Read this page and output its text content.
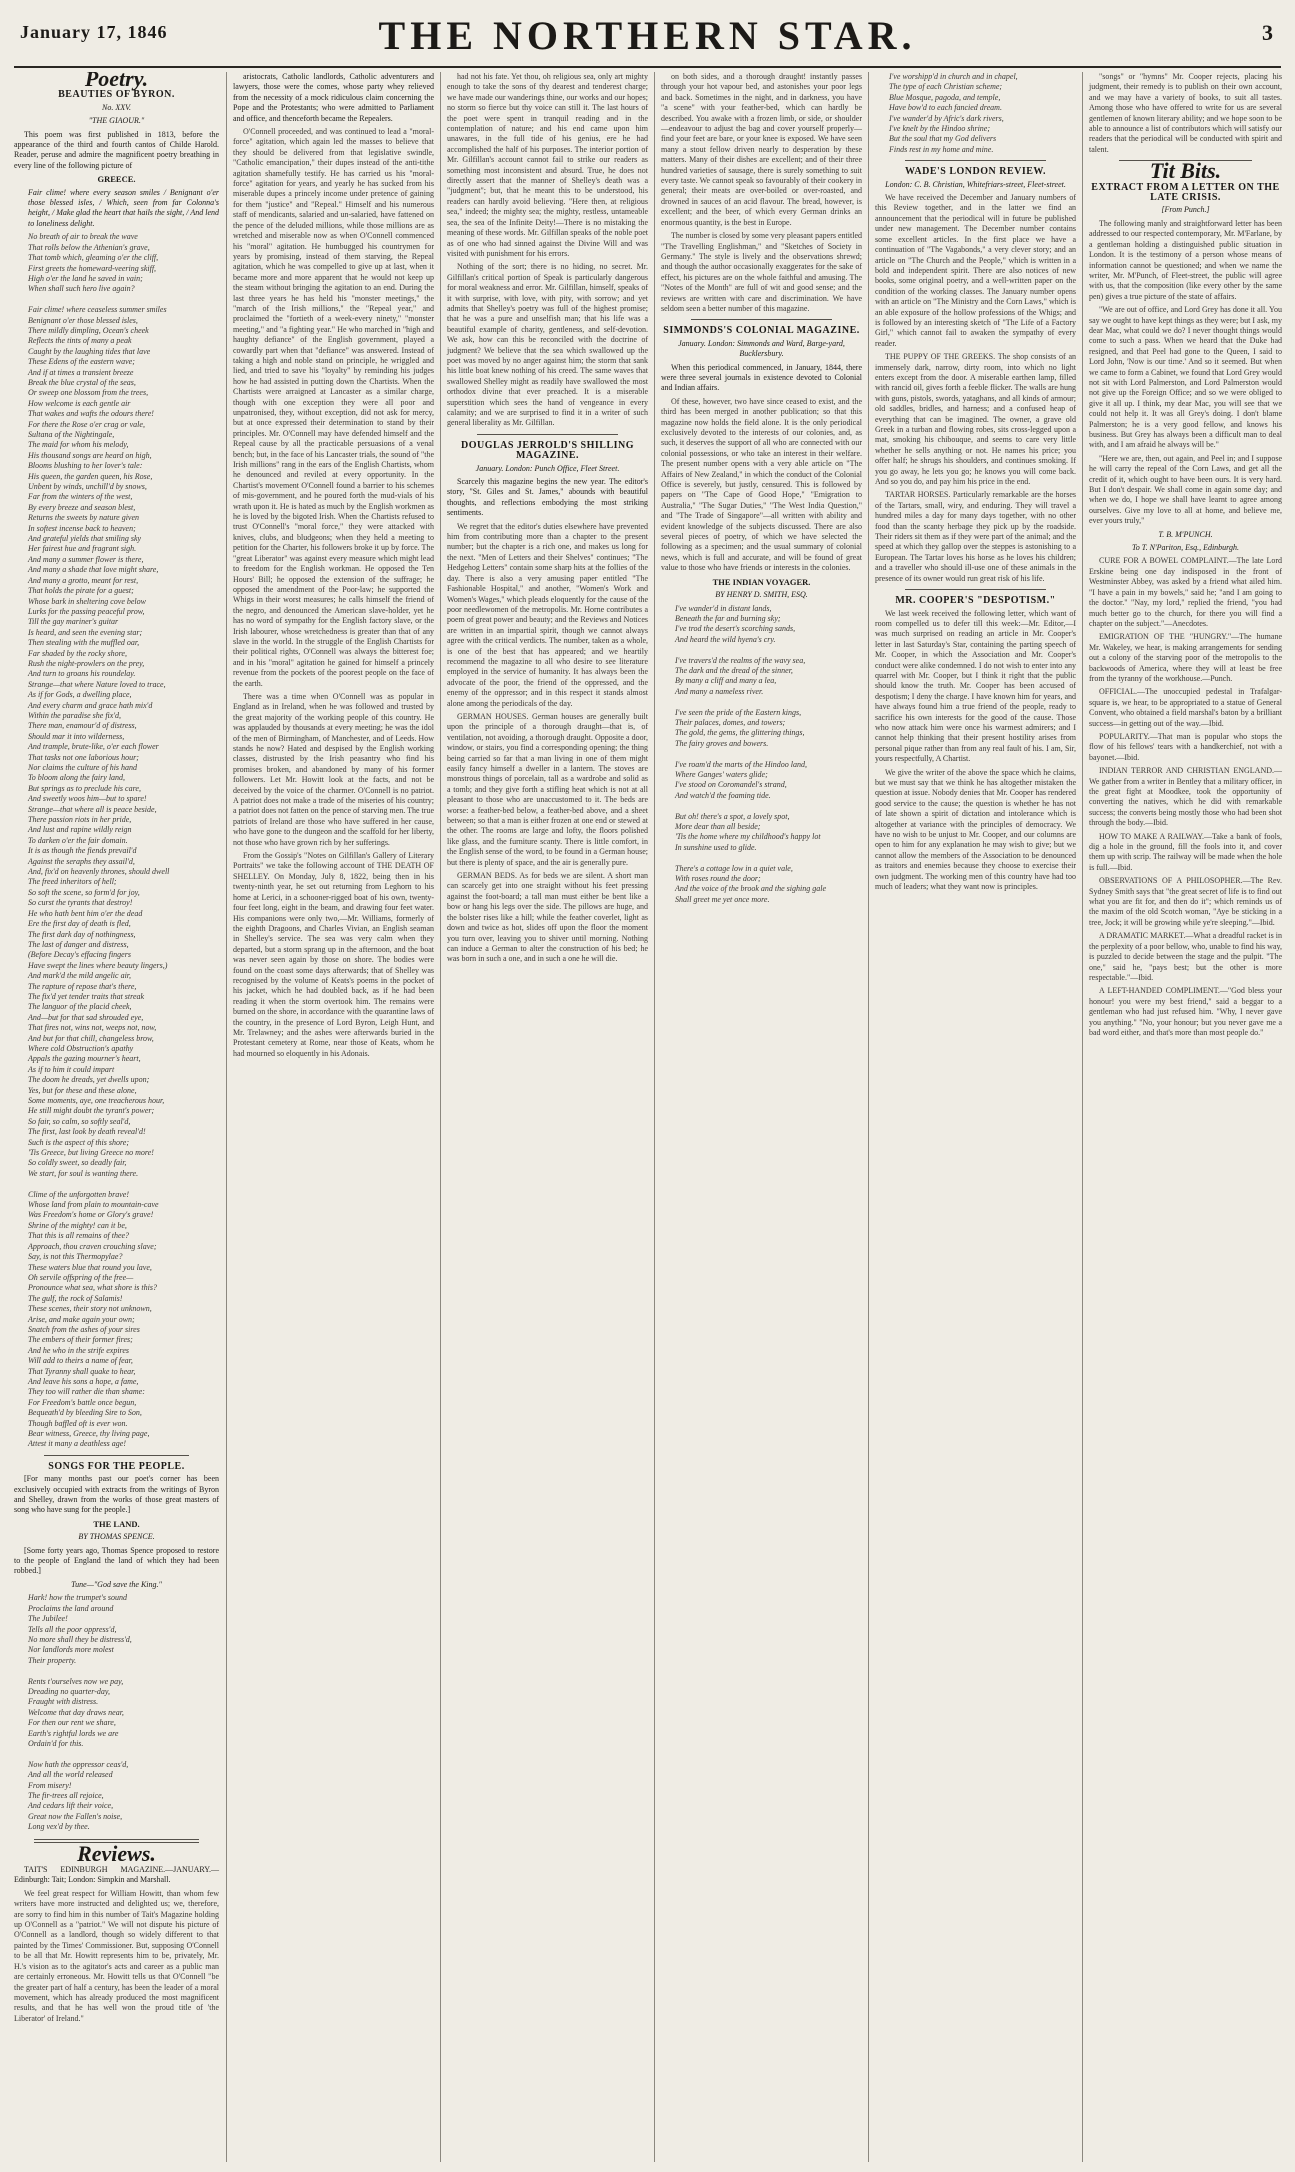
January 17, 1846	THE NORTHERN STAR.	3
Poetry.
BEAUTIES OF BYRON.
No. XXV.
"THE GIAOUR."

This poem was first published in 1813, before the appearance of the third and fourth cantos of Childe Harold. Reader, peruse and admire the magnificent poetry breathing in every line of the following picture of

GREECE.

Fair clime! where every season smiles / Benignant o'er those blessed isles, / Which, seen from far Colonna's height, / Make glad the heart that hails the sight, / And lend to loneliness delight.

No breath of air to break the wave
That rolls below the Athenian's grave,
That tomb which, gleaming o'er the cliff,
First greets the homeward-veering skiff,
High o'er the land he saved in vain;
When shall such hero live again?

Fair clime! where ceaseless summer smiles
Benignant o'er those blessed isles,
There mildly dimpling, Ocean's cheek
Reflects the tints of many a peak
Caught by the laughing tides that lave
These Edens of the eastern wave;
And if at times a transient breeze
Break the blue crystal of the seas,
Or sweep one blossom from the trees,
How welcome is each gentle air
That wakes and wafts the odours there!
For there the Rose o'er crag or vale,
Sultana of the Nightingale,
The maid for whom his melody,
His thousand songs are heard on high,
Blooms blushing to her lover's tale:
His queen, the garden queen, his Rose,
Unbent by winds, unchill'd by snows,
Far from the winters of the west,
By every breeze and season blest,
Returns the sweets by nature given
In softest incense back to heaven;
And grateful yields that smiling sky
Her fairest hue and fragrant sigh.
And many a summer flower is there,
And many a shade that love might share,
And many a grotto, meant for rest,
That holds the pirate for a guest;
Whose bark in sheltering cove below
Lurks for the passing peaceful prow,
Till the gay mariner's guitar
Is heard, and seen the evening star;
Then stealing with the muffled oar,
Far shaded by the rocky shore,
Rush the night-prowlers on the prey,
And turn to groans his roundelay.
Strange—that where Nature loved to trace,
As if for Gods, a dwelling place,
And every charm and grace hath mix'd
Within the paradise she fix'd,
There man, enamour'd of distress,
Should mar it into wilderness,
And trample, brute-like, o'er each flower
That tasks not one laborious hour;
Nor claims the culture of his hand
To bloom along the fairy land,
But springs as to preclude his care,
And sweetly woos him—but to spare!
Strange—that where all is peace beside,
There passion riots in her pride,
And lust and rapine wildly reign
To darken o'er the fair domain.
It is as though the fiends prevail'd
Against the seraphs they assail'd,
And, fix'd on heavenly thrones, should dwell
The freed inheritors of hell;
So soft the scene, so form'd for joy,
So curst the tyrants that destroy!
He who hath bent him o'er the dead
Ere the first day of death is fled,
The first dark day of nothingness,
The last of danger and distress,
(Before Decay's effacing fingers
Have swept the lines where beauty lingers,)
And mark'd the mild angelic air,
The rapture of repose that's there,
The fix'd yet tender traits that streak
The languor of the placid cheek,
And—but for that sad shrouded eye,
That fires not, wins not, weeps not, now,
And but for that chill, changeless brow,
Where cold Obstruction's apathy
Appals the gazing mourner's heart,
As if to him it could impart
The doom he dreads, yet dwells upon;
Yes, but for these and these alone,
Some moments, aye, one treacherous hour,
He still might doubt the tyrant's power;
So fair, so calm, so softly seal'd,
The first, last look by death reveal'd!
Such is the aspect of this shore;
'Tis Greece, but living Greece no more!
So coldly sweet, so deadly fair,
We start, for soul is wanting there.

Clime of the unforgotten brave!
Whose land from plain to mountain-cave
Was Freedom's home or Glory's grave!
Shrine of the mighty! can it be,
That this is all remains of thee?
Approach, thou craven crouching slave;
Say, is not this Thermopylae?
These waters blue that round you lave,
Oh servile offspring of the free—
Pronounce what sea, what shore is this?
The gulf, the rock of Salamis!
These scenes, their story not unknown,
Arise, and make again your own;
Snatch from the ashes of your sires
The embers of their former fires;
And he who in the strife expires
Will add to theirs a name of fear,
That Tyranny shall quake to hear,
And leave his sons a hope, a fame,
They too will rather die than shame:
For Freedom's battle once begun,
Bequeath'd by bleeding Sire to Son,
Though baffled oft is ever won.
Bear witness, Greece, thy living page,
Attest it many a deathless age!
SONGS FOR THE PEOPLE.

[For many months past our poet's corner has been exclusively occupied with extracts from the writings of Byron and Shelley, drawn from the works of those great masters of song who have sung for the people.]

THE LAND.
BY THOMAS SPENCE.

[Some forty years ago, Thomas Spence proposed to restore to the people of England the land of which they had been robbed.]

Tune—"God save the King."
Hark! how the trumpet's sound
Proclaims the land around
The Jubilee!
Tells all the poor oppress'd,
No more shall they be distress'd,
Nor landlords more molest
Their property.

Rents t'ourselves now we pay,
Dreading no quarter-day,
Fraught with distress.
Welcome that day draws near,
For then our rent we share,
Earth's rightful lords we are
Ordain'd for this.

Now hath the oppressor ceas'd,
And all the world released
From misery!
The fir-trees all rejoice,
And cedars lift their voice,
Great now the Fallen's noise,
Long vex'd by thee.
Reviews.

TAIT'S EDINBURGH MAGAZINE.—JANUARY.—Edinburgh: Tait; London: Simpkin and Marshall.

We feel great respect for William Howitt, than whom few writers have more instructed and delighted us; we, therefore, are sorry to find him in this number of Tait's Magazine holding up O'Connell as a "patriot." We will not dispute his picture of O'Connell as a landlord, though so widely different to that painted by the Times' Commissioner. But, supposing O'Connell to be all that Mr. Howitt represents him to be, privately, Mr. H.'s vision as to the agitator's acts and career as a public man are certainly erroneous. Mr. Howitt tells us that O'Connell "be the greater part of half a century, has been the leader of a moral movement, which has already produced the most magnificent results, and that he has well won the proud title of 'the Liberator' of Ireland."

aristocrats, Catholic landlords, Catholic adventurers and lawyers, those were the comes, whose party whey relieved from the necessity of a mock ridiculous claim concerning the Pope and the Protestants; who were admitted to Parliament and office, and thenceforth became the Repealers.

O'Connell proceeded, and was continued to lead a "moral-force" agitation, which again led the masses to believe that they should be delivered from that legislative swindle, "Catholic emancipation," their dupes instead of the anti-tithe agitation shamefully testify. He has carried us his "moral-force" agitation for years, and yearly he has sucked from his miserable dupes a princely income under pretence of gaining for them "justice" and "Repeal." Himself and his numerous staff of mendicants, salaried and un-salaried, have fattened on the pence of the deluded millions, while those millions are as wretched and miserable now as when O'Connell commenced his "moral" agitation. He humbugged his countrymen for years by promising, instead of them starving, the Repeal agitation, which he was compelled to give up at last, when it became more and more apparent that he would not keep up the steam without bringing the agitation to an end. During the last three years he has held his "monster meetings," the "march of the Irish millions," the "Repeal year," and proclaimed the "fortieth of a week-every ninety," "monster meeting," and "a fighting year." He who marched in "high and haughty defiance" of the English government, played a cowardly part when that "defiance" was answered. Instead of taking a high and noble stand on principle, he wriggled and lied, and tried to save his "loyalty" by reminding his judges how he had assisted in putting down the Chartists. When the Chartists were arraigned at Lancaster as a similar charge, though with one exception they were all poor and unpatronised, they, without exception, did not ask for mercy, but at once expressed their determination to stand by their principles. Mr. O'Connell may have defended himself and the Repeal cause by all the practicable persuasions of a venal bench; but, in the face of his Lancaster trials, the sound of "the Irish millions" rang in the ears of the English Chartists, whom he denounced and reviled at every opportunity. In the Chartist's movement O'Connell found a barrier to his schemes of mis-government, and he poured forth the mud-vials of his wrath upon it. He is hated as much by the English workmen as he is loved by the bigoted Irish. When the Chartists refused to trust O'Connell's "moral force," they were attacked with knives, clubs, and bludgeons; when they held a meeting to petition for the Charter, his followers broke it up by force. The "great Liberator" was against every measure which might lead to freedom for the English workman. He opposed the Ten Hours' Bill; he opposed the extension of the suffrage; he opposed the amendment of the Poor-law; he supported the Whigs in their worst measures; he calls himself the friend of the negro, and denounced the American slave-holder, yet he has no word of sympathy for the English factory slave, or the Irish labourer, whose wretchedness is greater than that of any slave in the world. In the struggle of the English Chartists for their political rights, O'Connell was always the bitterest foe; and in his "moral" agitation he gained for himself a princely revenue from the pockets of the poorest people on the face of the earth.

There was a time when O'Connell was as popular in England as in Ireland, when he was followed and trusted by the great majority of the working people of this country. He was applauded by thousands at every meeting; he was the idol of the men of Birmingham, of Manchester, and of Leeds. How stands he now? Hated and despised by the English working classes, distrusted by the Irish peasantry who find his promises broken, and abandoned by many of his former followers. Let Mr. Howitt look at the facts, and not be deceived by the voice of the charmer. O'Connell is no patriot. A patriot does not make a trade of the miseries of his country; a patriot does not fatten on the pence of starving men. The true patriots of Ireland are those who have suffered in her cause, who have gone to the dungeon and the scaffold for her liberty, not those who have grown rich by her sufferings.

From the Gossip's "Notes on Gilfillan's Gallery of Literary Portraits" we take the following account of THE DEATH OF SHELLEY. On Monday, July 8, 1822, being then in his twenty-ninth year, he set out returning from Leghorn to his home at Lerici, in a schooner-rigged boat of his own, twenty-four feet long, eight in the beam, and drawing four feet water. His companions were only two,—Mr. Williams, formerly of the eighth Dragoons, and Charles Vivian, an English seaman in Shelley's service. The sea was very calm when they departed, but a storm sprang up in the afternoon, and the boat was never seen again by those on shore. The bodies were found on the coast some days afterwards; that of Shelley was recognised by the volume of Keats's poems in the pocket of his jacket, which he had doubled back, as if he had been reading it when the storm overtook him. The remains were burned on the shore, in accordance with the quarantine laws of the country, in the presence of Lord Byron, Leigh Hunt, and Mr. Trelawney; and the ashes were afterwards buried in the Protestant cemetery at Rome, near those of Keats, whom he had mourned so eloquently in his Adonais.

had not his fate. Yet thou, oh religious sea, only art mighty enough to take the sons of thy dearest and tenderest charge; we have made our wanderings thine, our works and our hopes; no storm so fierce but thy voice can still it. The last hours of the poet were spent in tranquil reading and in the contemplation of nature; and his end came upon him unawares, in the full tide of his genius, ere he had accomplished the half of his purposes. The interior portion of Mr. Gilfillan's account cannot fail to strike our readers as something most inconsistent and absurd. True, he does not directly assert that the manner of Shelley's death was a "judgment"; but, that he meant this to be understood, his readers can hardly avoid believing. "Here then, at religious sea," indeed; the mighty sea; the mighty, restless, untameable sea, the sea of the Infinite Deity!—There is no mistaking the meaning of these words. Mr. Gilfillan speaks of the noble poet as of one who had sinned against the Divine Will and was visited with punishment for his errors.

Nothing of the sort; there is no hiding, no secret. Mr. Gilfillan's critical portion of Speak is particularly dangerous for moral weakness and error. Mr. Gilfillan, himself, speaks of it with surprise, with love, with pity, with sorrow; and yet admits that Shelley's poetry was full of the highest promise; that he was a pure and unselfish man; that his life was a beautiful example of charity, gentleness, and self-devotion. We ask, how can this be reconciled with the doctrine of judgment? We believe that the sea which swallowed up the poet was moved by no anger against him; the storm that sank his little boat knew nothing of his creed. The same waves that swallowed Shelley might as readily have swallowed the most orthodox divine that ever preached. It is a miserable superstition which sees the hand of vengeance in every calamity; and we are surprised to find it in a writer of such general liberality as Mr. Gilfillan.

DOUGLAS JERROLD'S SHILLING MAGAZINE.
January. London: Punch Office, Fleet Street.

Scarcely this magazine begins the new year. The editor's story, "St. Giles and St. James," abounds with beautiful thoughts, and reflections embodying the most striking sentiments.

We regret that the editor's duties elsewhere have prevented him from contributing more than a chapter to the present number; but the chapter is a rich one, and makes us long for the next. "Men of Letters and their Shelves" continues; "The Hedgehog Letters" contain some sharp hits at the follies of the day. There is also a very amusing paper entitled "The Fashionable Hospital," and another, "Women's Work and Women's Wages," which pleads eloquently for the cause of the poor needlewomen of the metropolis. Mr. Horne contributes a poem of great power and beauty; and the Reviews and Notices are written in an impartial spirit, though we cannot always agree with the critical verdicts. The number, taken as a whole, is one of the best that has appeared; and we heartily recommend the magazine to all who desire to see literature employed in the service of humanity. It has always been the advocate of the poor, the friend of the oppressed, and the enemy of the oppressor; and in this respect it stands almost alone among the periodicals of the day.

GERMAN HOUSES. German houses are generally built upon the principle of a thorough draught—that is, of ventilation, not avoiding, a thorough draught. Opposite a door, window, or stairs, you find a corresponding opening; the thing being carried so far that a man living in one of them might easily fancy himself a dweller in a lantern. The stoves are monstrous things of porcelain, tall as a wardrobe and solid as a tomb; and they give forth a stifling heat which is not at all pleasant to those who are unaccustomed to it. The beds are worse: a feather-bed below, a feather-bed above, and a sheet between; so that a man is either frozen at one end or stewed at the other. The rooms are large and lofty, the floors polished like glass, and the furniture scanty. There is little comfort, in the English sense of the word, to be found in a German house; but there is plenty of space, and the air is generally pure.

GERMAN BEDS. As for beds we are silent. A short man can scarcely get into one straight without his feet pressing against the foot-board; a tall man must either be bent like a bow or hang his legs over the side. The pillows are huge, and the bolster rises like a hill; while the feather coverlet, light as down and twice as hot, slides off upon the floor the moment you turn over, leaving you to shiver until morning. Nothing can induce a German to alter the construction of his bed; he was born in such a one, and in such a one he will die.

on both sides, and a thorough draught! instantly passes through your hot vapour bed, and astonishes your poor legs and back. Sometimes in the night, and in darkness, you have "a scene" with your feather-bed, which can hardly be described. You awake with a frozen limb, or side, or shoulder—endeavour to adjust the bag and cover yourself properly—find your feet are bare, or your knee is exposed. We have seen many a stout fellow driven nearly to desperation by these matters. Many of their dishes are excellent; and of their three hundred varieties of sausage, there is surely something to suit every taste. We cannot speak so favourably of their cookery in general; their meats are over-boiled or over-roasted, and drowned in sauces of an acid flavour. The bread, however, is excellent; and the beer, of which every German drinks an enormous quantity, is the best in Europe.

The number is closed by some very pleasant papers entitled "The Travelling Englishman," and "Sketches of Society in Germany." The style is lively and the observations shrewd; and though the author occasionally exaggerates for the sake of effect, his pictures are on the whole faithful and amusing. The "Notes of the Month" are full of wit and good sense; and the reviews are written with care and discrimination. We have seldom seen a better number of this magazine.

SIMMONDS'S COLONIAL MAGAZINE.
January. London: Simmonds and Ward, Barge-yard, Bucklersbury.

When this periodical commenced, in January, 1844, there were three several journals in existence devoted to Colonial and Indian affairs.

Of these, however, two have since ceased to exist, and the third has been merged in another publication; so that this magazine now holds the field alone. It is the only periodical exclusively devoted to the interests of our colonies, and, as such, it deserves the support of all who are connected with our colonial possessions, or who take an interest in their welfare. The present number opens with a very able article on "The Affairs of New Zealand," in which the conduct of the Colonial Office is severely, but justly, censured. This is followed by papers on "The Cape of Good Hope," "Emigration to Australia," "The Sugar Duties," "The West India Question," and "The Trade of Singapore"—all written with ability and evident knowledge of the subjects discussed. There are also several pieces of poetry, of which we have selected the following as a specimen; and the usual summary of colonial news, which is full and accurate, and will be found of great value to those who have friends or interests in the colonies.

THE INDIAN VOYAGER.
BY HENRY D. SMITH, ESQ.
I've wander'd in distant lands,
Beneath the far and burning sky;
I've trod the desert's scorching sands,
And heard the wild hyena's cry.

I've travers'd the realms of the wavy sea,
The dark and the dread of the sinner,
By many a cliff and many a lea,
And many a nameless river.

I've seen the pride of the Eastern kings,
Their palaces, domes, and towers;
The gold, the gems, the glittering things,
The fairy groves and bowers.

I've roam'd the marts of the Hindoo land,
Where Ganges' waters glide;
I've stood on Coromandel's strand,
And watch'd the foaming tide.

But oh! there's a spot, a lovely spot,
More dear than all beside;
'Tis the home where my childhood's happy lot
In sunshine used to glide.

There's a cottage low in a quiet vale,
With roses round the door;
And the voice of the brook and the sighing gale
Shall greet me yet once more.
I've worshipp'd in church and in chapel,
The type of each Christian scheme;
Blue Mosque, pagoda, and temple,
Have bow'd to each fancied dream.
I've wander'd by Afric's dark rivers,
I've knelt by the Hindoo shrine;
But the soul that my God delivers
Finds rest in my home and mine.
WADE'S LONDON REVIEW.
London: C. B. Christian, Whitefriars-street, Fleet-street.

We have received the December and January numbers of this Review together, and in the latter we find an announcement that the periodical will in future be published under new management. The December number contains some excellent articles. In the first place we have a continuation of "The Vagabonds," a very clever story; and an article on "The Church and the People," which is written in a bold and independent spirit. There are also notices of new books, some original poetry, and a well-written paper on the condition of the working classes. The January number opens with an article on "The Ministry and the Corn Laws," which is an able exposure of the hollow professions of the Whigs; and is followed by an interesting sketch of "The Life of a Factory Girl," which cannot fail to awaken the sympathy of every reader.

THE PUPPY OF THE GREEKS. The shop consists of an immensely dark, narrow, dirty room, into which no light enters except from the door. A miserable earthen lamp, filled with rancid oil, gives forth a feeble flicker. The walls are hung with guns, pistols, swords, yataghans, and all kinds of armour; old saddles, bridles, and harness; and a confused heap of everything that can be imagined. The owner, a grave old Greek in a turban and flowing robes, sits cross-legged upon a mat, smoking his chibouque, and seems to care very little whether he sells anything or not. He names his price; you offer half; he shrugs his shoulders, and continues smoking. If you go away, he lets you go; he knows you will come back. And so you do, and pay him his price in the end.

TARTAR HORSES. Particularly remarkable are the horses of the Tartars, small, wiry, and enduring. They will travel a hundred miles a day for many days together, with no other food than the scanty herbage they pick up by the roadside. Their riders sit them as if they were part of the animal; and the speed at which they gallop over the steppes is astonishing to a European. The Tartar loves his horse as he loves his children; and a traveller who should ill-use one of these animals in the presence of its owner would run great risk of his life.

MR. COOPER'S "DESPOTISM."

We last week received the following letter, which want of room compelled us to defer till this week:—Mr. Editor,—I was much surprised on reading an article in Mr. Cooper's letter in last Saturday's Star, containing the parting speech of Mr. Cooper, in which the Association and Mr. Cooper's conduct were alike condemned. I do not wish to enter into any quarrel with Mr. Cooper, but I think it right that the public should know the truth. Mr. Cooper has been accused of despotism; I deny the charge. I have known him for years, and have always found him a true friend of the people, ready to sacrifice his own interests for the good of the cause. Those who now attack him were once his warmest admirers; and I cannot help thinking that their present hostility arises from personal pique rather than from any real fault of his. I am, Sir, yours respectfully, A Chartist.

We give the writer of the above the space which he claims, but we must say that we think he has altogether mistaken the question at issue. Nobody denies that Mr. Cooper has rendered good service to the cause; the question is whether he has not of late shown a spirit of dictation and intolerance which is altogether at variance with the principles of democracy. We have no wish to be unjust to Mr. Cooper, and our columns are open to him for any explanation he may wish to give; but we cannot allow the members of the Association to be denounced as traitors and enemies because they choose to exercise their own judgment. The working men of this country have had too much of leaders; what they want now is principles.

"songs" or "hymns" Mr. Cooper rejects, placing his judgment, their remedy is to publish on their own account, and we may have a variety of books, to suit all tastes. Among those who have offered to write for us are several gentlemen of known literary ability; and we hope soon to be able to announce a list of contributors which will satisfy our readers that the periodical will be conducted with spirit and talent.

Tit Bits.
EXTRACT FROM A LETTER ON THE LATE CRISIS.
[From Punch.]

The following manly and straightforward letter has been addressed to our respected contemporary, Mr. M'Farlane, by a gentleman holding a distinguished public situation in London. It is the testimony of a person whose means of information cannot be questioned; and when we name the writer, Mr. M'Punch, of Fleet-street, the public will agree with us, that the composition (like every other by the same pen) gives a true picture of the state of affairs.

"We are out of office, and Lord Grey has done it all. You say we ought to have kept things as they were; but I ask, my dear Mac, what could we do? I never thought things would come to such a pass. When we heard that the Duke had resigned, and that Peel had gone to the Queen, I said to Lord John, 'Now is our time.' And so it seemed. But when we came to form a Cabinet, we found that Lord Grey would not sit with Lord Palmerston, and Lord Palmerston would not give up the Foreign Office; and so we were obliged to give it all up. I think, my dear Mac, you will see that we could not help it. It was all Grey's doing. I don't blame Palmerston; he is a very good fellow, and knows his business. But Grey has always been a difficult man to deal with, and I am afraid he always will be."

"Here we are, then, out again, and Peel in; and I suppose he will carry the repeal of the Corn Laws, and get all the credit of it, which ought to have been ours. It is very hard. But I don't despair. We shall come in again some day; and when we do, I hope we shall have learnt to agree among ourselves. Give my love to all at home, and believe me, ever yours truly,"

T. B. M'PUNCH.
To T. N'Pariton, Esq., Edinburgh.

CURE FOR A BOWEL COMPLAINT.—The late Lord Erskine being one day indisposed in the front of Westminster Abbey, was asked by a friend what ailed him. "I have a pain in my bowels," said he; "and I am going to the doctor." "Nay, my lord," replied the friend, "you had much better go to the church, for there you will find a chapter on the subject."—Anecdotes.

EMIGRATION OF THE "HUNGRY."—The humane Mr. Wakeley, we hear, is making arrangements for sending out a colony of the starving poor of the metropolis to the backwoods of America, where they will at least be free from the tyranny of the workhouse.—Punch.

OFFICIAL.—The unoccupied pedestal in Trafalgar-square is, we hear, to be appropriated to a statue of General Convent, who obtained a field marshal's baton by a brilliant success—in getting out of the way.—Ibid.

POPULARITY.—That man is popular who stops the flow of his fellows' tears with a handkerchief, not with a bayonet.—Ibid.

INDIAN TERROR AND CHRISTIAN ENGLAND.—We gather from a writer in Bentley that a military officer, in the great fight at Moodkee, took the opportunity of converting the natives, which he did with remarkable success; the converts being mostly those who had been shot through the body.—Ibid.

HOW TO MAKE A RAILWAY.—Take a bank of fools, dig a hole in the ground, fill the fools into it, and cover them up with scrip. The railway will be made when the hole is full.—Ibid.

OBSERVATIONS OF A PHILOSOPHER.—The Rev. Sydney Smith says that "the great secret of life is to find out what you are fit for, and then do it"; which reminds us of the maxim of the old Scotch woman, "Aye be sticking in a tree, Jock; it will be growing while ye're sleeping."—Ibid.

A DRAMATIC MARKET.—What a dreadful racket is in the perplexity of a poor bellow, who, unable to find his way, is puzzled to decide between the stage and the pulpit. "The one," said he, "pays best; but the other is more respectable."—Ibid.

A LEFT-HANDED COMPLIMENT.—"God bless your honour! you were my best friend," said a beggar to a gentleman who had just refused him. "Why, I never gave you anything." "No, your honour; but you never gave me a bad word either, and that's more than most people do."
